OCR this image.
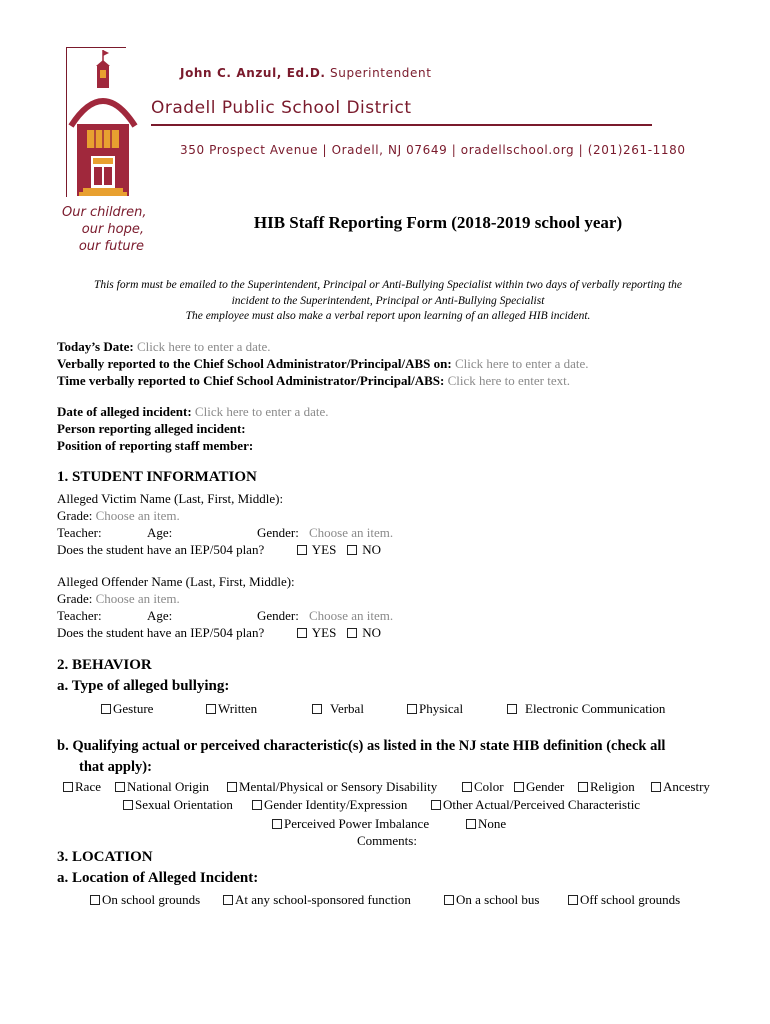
John C. Anzul, Ed.D. Superintendent
Oradell Public School District
350 Prospect Avenue | Oradell, NJ 07649 | oradellschool.org | (201)261-1180
Our children,
our hope,
our future
HIB Staff Reporting Form (2018-2019 school year)
This form must be emailed to the Superintendent, Principal or Anti-Bullying Specialist within two days of verbally reporting the
incident to the Superintendent, Principal or Anti-Bullying Specialist
The employee must also make a verbal report upon learning of an alleged HIB incident.
Today’s Date: Click here to enter a date.
Verbally reported to the Chief School Administrator/Principal/ABS on: Click here to enter a date.
Time verbally reported to Chief School Administrator/Principal/ABS: Click here to enter text.
Date of alleged incident: Click here to enter a date.
Person reporting alleged incident:
Position of reporting staff member:
1. STUDENT INFORMATION
Alleged Victim Name (Last, First, Middle):
Grade: Choose an item.
Teacher:	Age:	Gender: Choose an item.
Does the student have an IEP/504 plan?	YES	NO
Alleged Offender Name (Last, First, Middle):
Grade: Choose an item.
Teacher:	Age:	Gender: Choose an item.
Does the student have an IEP/504 plan?	YES	NO
2. BEHAVIOR
a. Type of alleged bullying:
Gesture	Written	Verbal	Physical	Electronic Communication
b. Qualifying actual or perceived characteristic(s) as listed in the NJ state HIB definition (check all
that apply):
Race	National Origin	Mental/Physical or Sensory Disability	Color	Gender	Religion	Ancestry
Sexual Orientation	Gender Identity/Expression	Other Actual/Perceived Characteristic
Perceived Power Imbalance	None
Comments:
3. LOCATION
a. Location of Alleged Incident:
On school grounds	At any school-sponsored function	On a school bus	Off school grounds
